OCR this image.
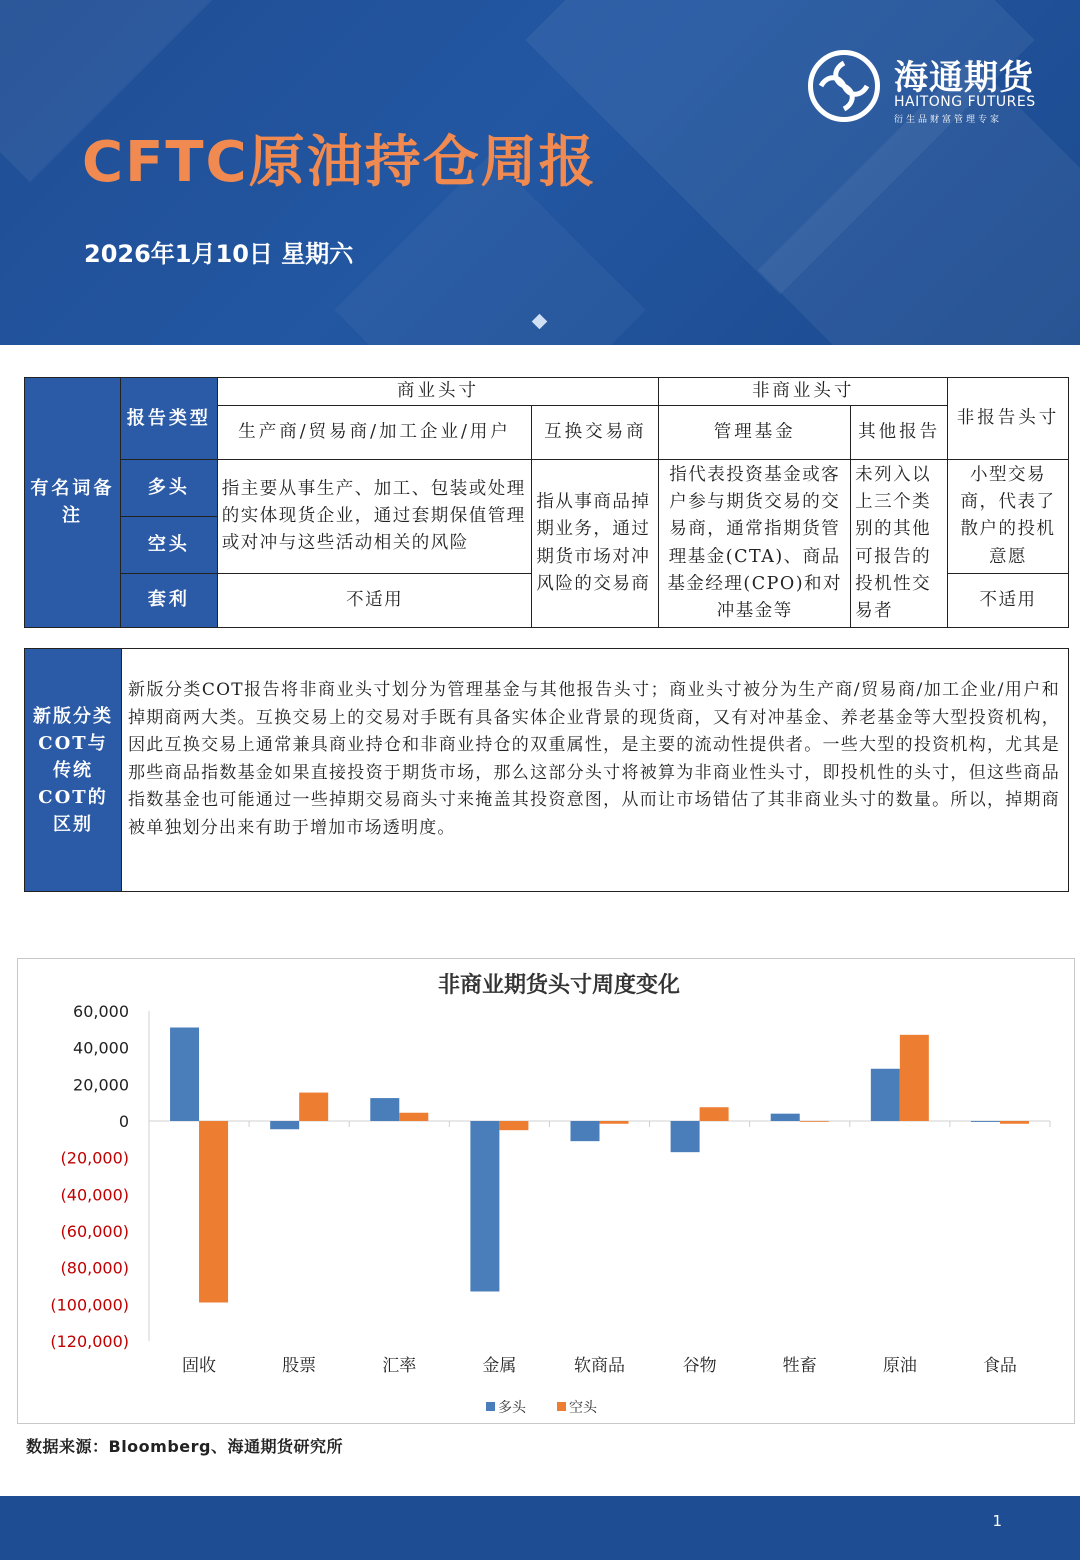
CFTC原油持仓周报
2026年1月10日 星期六
海通期货
HAITONG FUTURES
衍生品财富管理专家
有名词备注	报告类型	商业头寸		非商业头寸		非报告头寸
		生产商/贸易商/加工企业/用户	互换交易商	管理基金	其他报告	
	多头	指主要从事生产、加工、包装或处理的实体现货企业，通过套期保值管理或对冲与这些活动相关的风险	指从事商品掉期业务，通过期货市场对冲风险的交易商	指代表投资基金或客户参与期货交易的交易商，通常指期货管理基金(CTA)、商品基金经理(CPO)和对冲基金等	未列入以上三个类别的其他可报告的投机性交易者	小型交易商，代表了散户的投机意愿
	空头					
	套利	不适用				不适用
新版分类COT与传统COT的区别
新版分类COT报告将非商业头寸划分为管理基金与其他报告头寸；商业头寸被分为生产商/贸易商/加工企业/用户和掉期商两大类。互换交易上的交易对手既有具备实体企业背景的现货商，又有对冲基金、养老基金等大型投资机构，因此互换交易上通常兼具商业持仓和非商业持仓的双重属性，是主要的流动性提供者。一些大型的投资机构，尤其是那些商品指数基金如果直接投资于期货市场，那么这部分头寸将被算为非商业性头寸，即投机性的头寸，但这些商品指数基金也可能通过一些掉期交易商头寸来掩盖其投资意图，从而让市场错估了其非商业头寸的数量。所以，掉期商被单独划分出来有助于增加市场透明度。
非商业期货头寸周度变化
60,000
40,000
20,000
0
(20,000)
(40,000)
(60,000)
(80,000)
(100,000)
(120,000)
固收	股票	汇率	金属	软商品	谷物	牲畜	原油	食品
多头	空头
数据来源：Bloomberg、海通期货研究所
1
